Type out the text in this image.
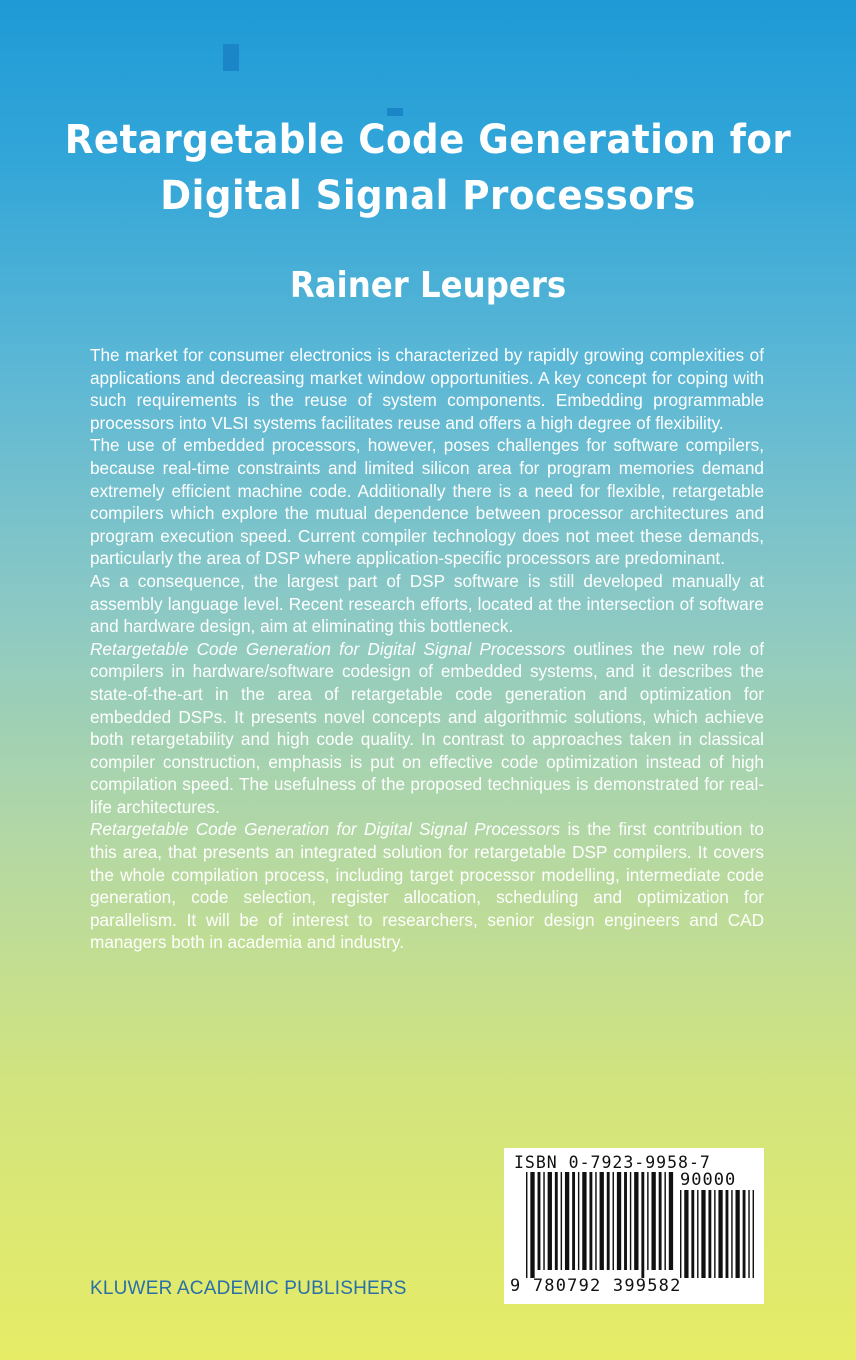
Retargetable Code Generation for
Digital Signal Processors
Rainer Leupers

The market for consumer electronics is characterized by rapidly growing complexities of applications and decreasing market window opportunities. A key concept for coping with such requirements is the reuse of system components. Embedding programmable processors into VLSI systems facilitates reuse and offers a high degree of flexibility.

The use of embedded processors, however, poses challenges for software compilers, because real-time constraints and limited silicon area for program memories demand extremely efficient machine code. Additionally there is a need for flexible, retargetable compilers which explore the mutual dependence between processor architectures and program execution speed. Current compiler technology does not meet these demands, particularly the area of DSP where application-specific processors are predominant.

As a consequence, the largest part of DSP software is still developed manually at assembly language level. Recent research efforts, located at the intersection of software and hardware design, aim at eliminating this bottleneck.

Retargetable Code Generation for Digital Signal Processors outlines the new role of compilers in hardware/software codesign of embedded systems, and it describes the state-of-the-art in the area of retargetable code generation and optimization for embedded DSPs. It presents novel concepts and algorithmic solutions, which achieve both retargetability and high code quality. In contrast to approaches taken in classical compiler construction, emphasis is put on effective code optimization instead of high compilation speed. The usefulness of the proposed techniques is demonstrated for real-life architectures.

Retargetable Code Generation for Digital Signal Processors is the first contribution to this area, that presents an integrated solution for retargetable DSP compilers. It covers the whole compilation process, including target processor modelling, intermediate code generation, code selection, register allocation, scheduling and optimization for parallelism. It will be of interest to researchers, senior design engineers and CAD managers both in academia and industry.

ISBN 0-7923-9958-7
90000
9 780792 399582
KLUWER ACADEMIC PUBLISHERS
